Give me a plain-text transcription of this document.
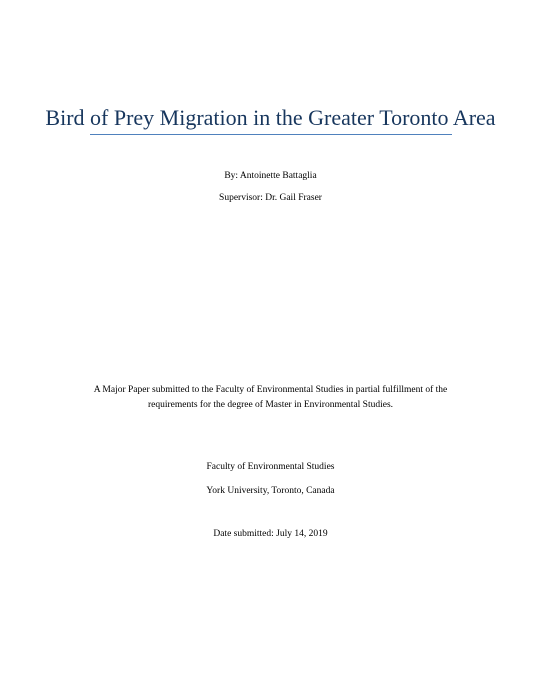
Bird of Prey Migration in the Greater Toronto Area
By: Antoinette Battaglia
Supervisor: Dr. Gail Fraser
A Major Paper submitted to the Faculty of Environmental Studies in partial fulfillment of the
requirements for the degree of Master in Environmental Studies.
Faculty of Environmental Studies
York University, Toronto, Canada
Date submitted: July 14, 2019
